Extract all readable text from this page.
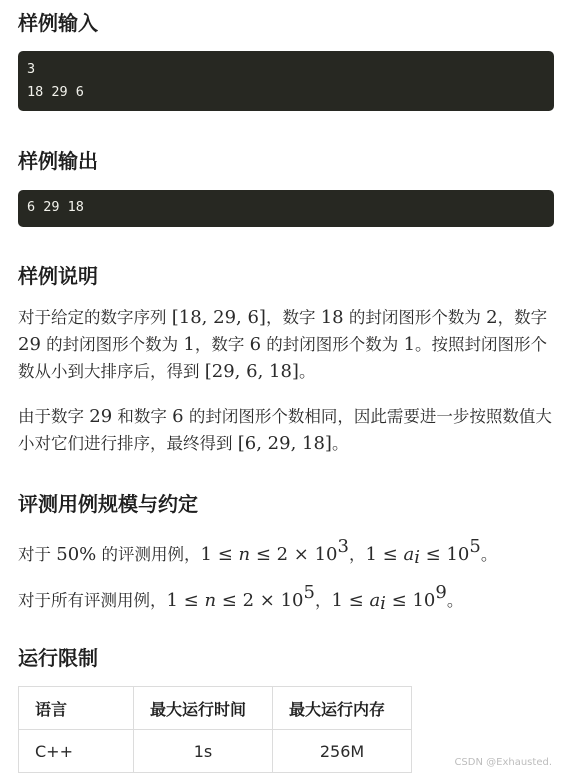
样例输入
3
18 29 6
样例输出
6 29 18
样例说明

对于给定的数字序列 [18, 29, 6]，数字 18 的封闭图形个数为 2，数字 29 的封闭图形个数为 1，数字 6 的封闭图形个数为 1。按照封闭图形个数从小到大排序后，得到 [29, 6, 18]。

由于数字 29 和数字 6 的封闭图形个数相同，因此需要进一步按照数值大小对它们进行排序，最终得到 [6, 29, 18]。

评测用例规模与约定

对于 50% 的评测用例，$1 \le n \le 2 \times 10^3$，$1 \le a_i \le 10^5$。

对于所有评测用例，$1 \le n \le 2 \times 10^5$，$1 \le a_i \le 10^9$。

运行限制
语言	最大运行时间	最大运行内存
C++	1s	256M
CSDN @Exhausted.
